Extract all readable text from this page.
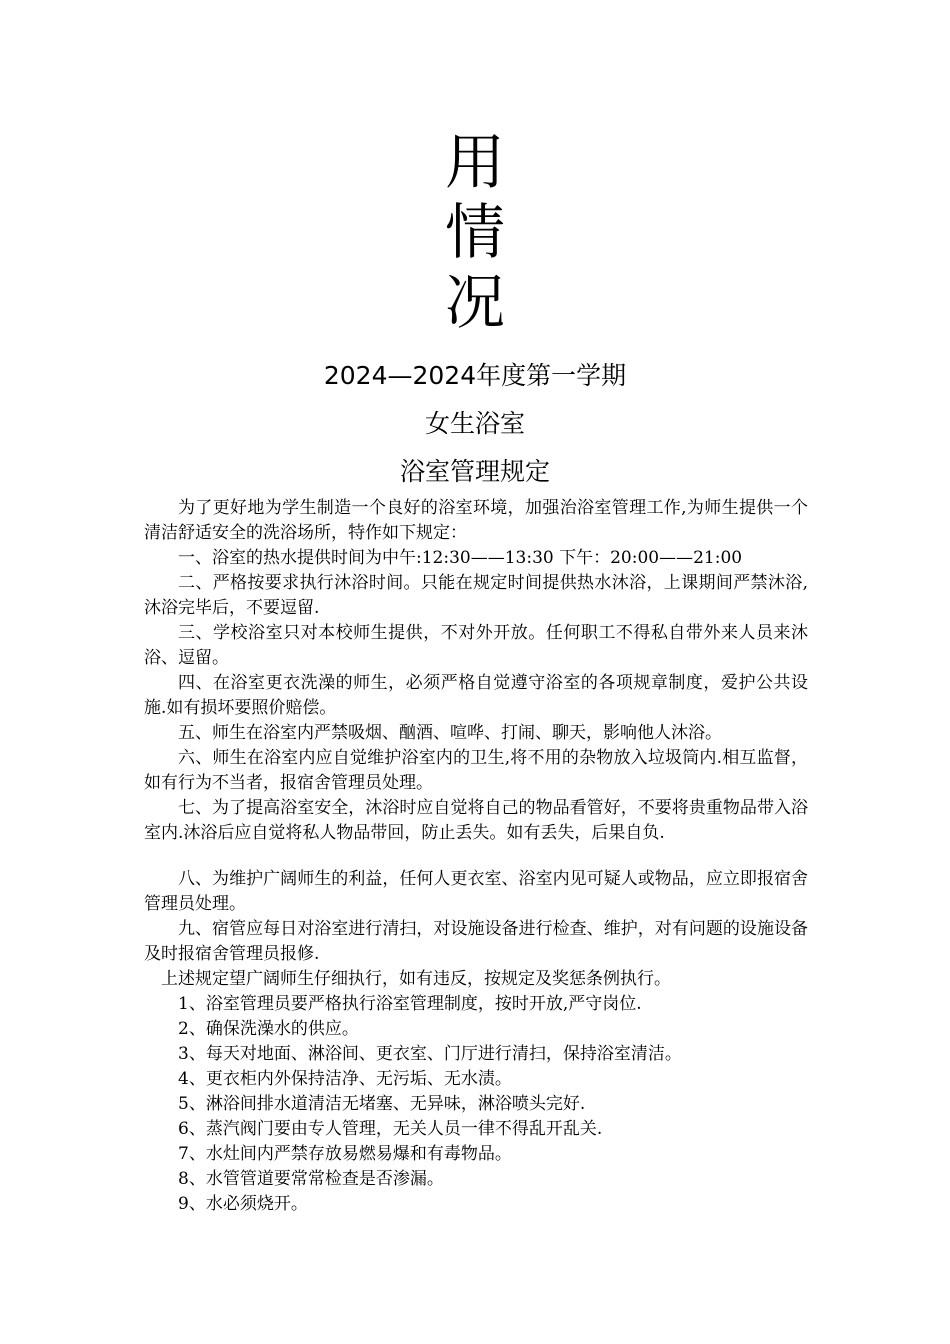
用
情
况
2024—2024年度第一学期
女生浴室
浴室管理规定

为了更好地为学生制造一个良好的浴室环境，加强治浴室管理工作,为师生提供一个清洁舒适安全的洗浴场所，特作如下规定：

一、浴室的热水提供时间为中午:12:30——13:30 下午：20:00——21:00

二、严格按要求执行沐浴时间。只能在规定时间提供热水沐浴，上课期间严禁沐浴,沐浴完毕后，不要逗留.

三、学校浴室只对本校师生提供，不对外开放。任何职工不得私自带外来人员来沐浴、逗留。

四、在浴室更衣洗澡的师生，必须严格自觉遵守浴室的各项规章制度，爱护公共设施.如有损坏要照价赔偿。

五、师生在浴室内严禁吸烟、酗酒、喧哗、打闹、聊天，影响他人沐浴。

六、师生在浴室内应自觉维护浴室内的卫生,将不用的杂物放入垃圾筒内.相互监督，如有行为不当者，报宿舍管理员处理。

七、为了提高浴室安全，沐浴时应自觉将自己的物品看管好，不要将贵重物品带入浴室内.沐浴后应自觉将私人物品带回，防止丢失。如有丢失，后果自负.

八、为维护广阔师生的利益，任何人更衣室、浴室内见可疑人或物品，应立即报宿舍管理员处理。

九、宿管应每日对浴室进行清扫，对设施设备进行检查、维护，对有问题的设施设备及时报宿舍管理员报修.

上述规定望广阔师生仔细执行，如有违反，按规定及奖惩条例执行。

1、浴室管理员要严格执行浴室管理制度，按时开放,严守岗位.

2、确保洗澡水的供应。

3、每天对地面、淋浴间、更衣室、门厅进行清扫，保持浴室清洁。

4、更衣柜内外保持洁净、无污垢、无水渍。

5、淋浴间排水道清洁无堵塞、无异味，淋浴喷头完好.

6、蒸汽阀门要由专人管理，无关人员一律不得乱开乱关.

7、水灶间内严禁存放易燃易爆和有毒物品。

8、水管管道要常常检查是否渗漏。

9、水必须烧开。
